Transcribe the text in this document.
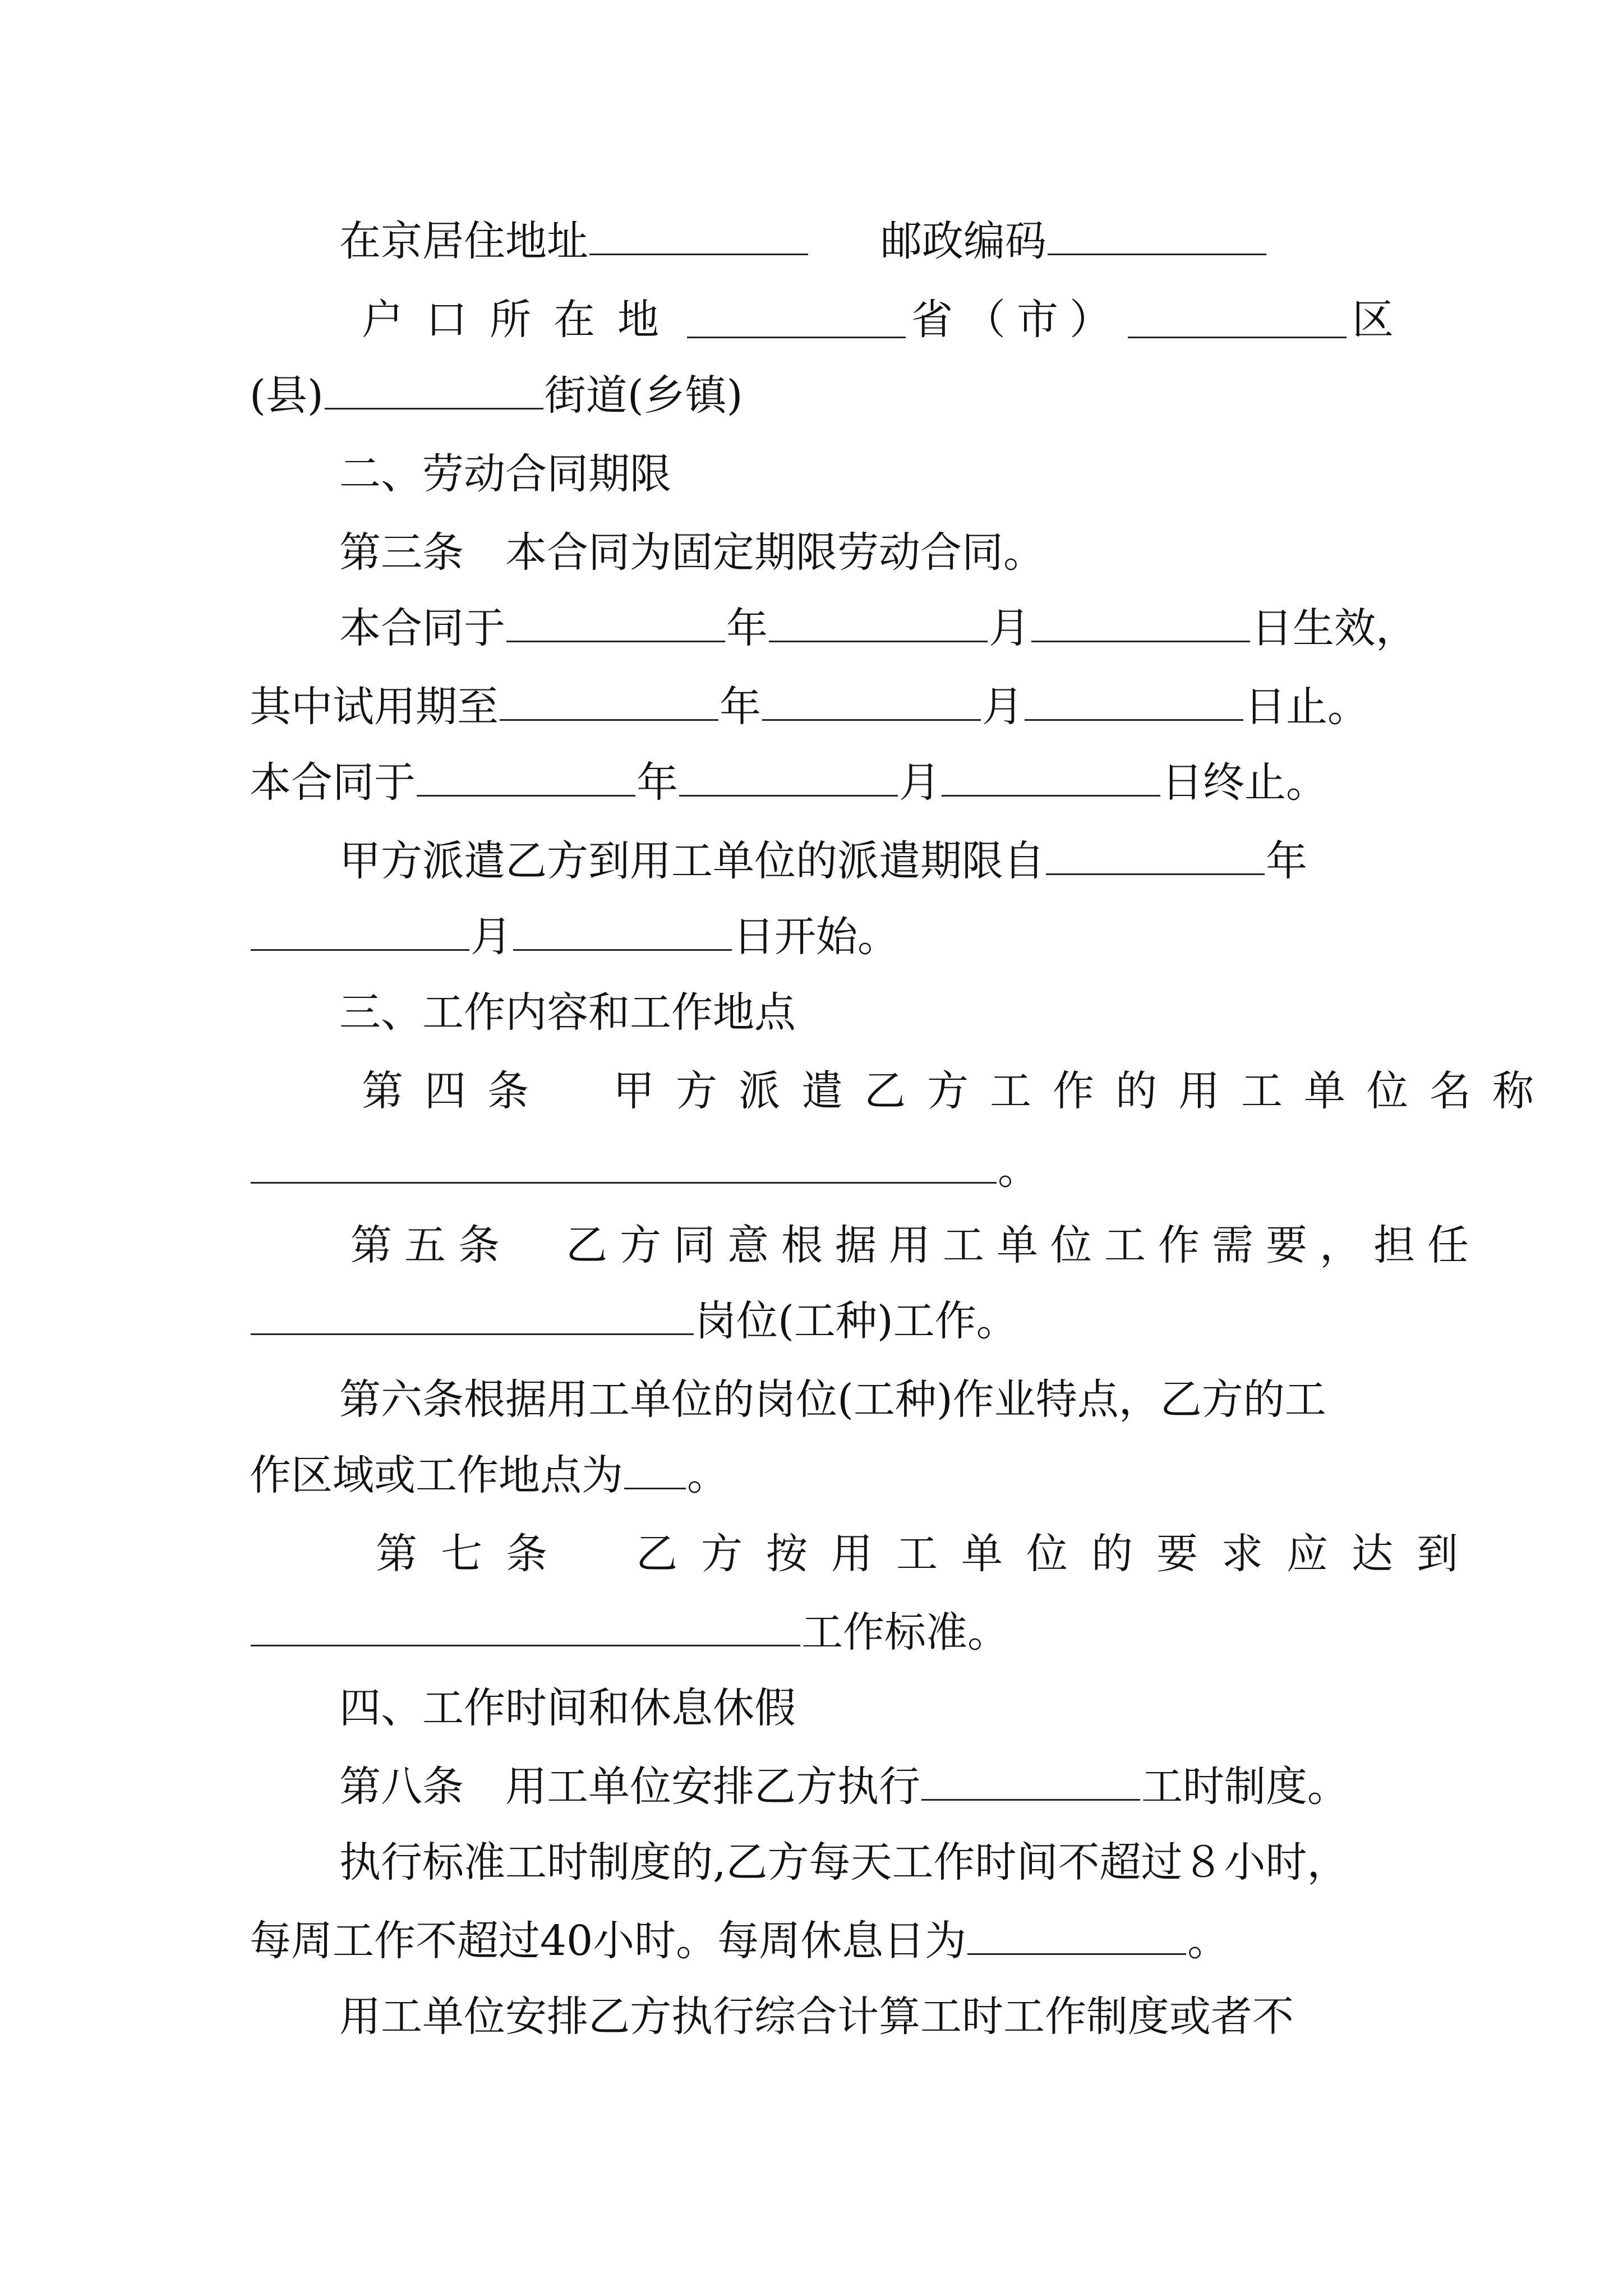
在京居住地址	邮政编码
户口所在地	省（市）	区
(县)	街道(乡镇)
二、劳动合同期限
第三条　本合同为固定期限劳动合同。
本合同于	年	月	日生效，
其中试用期至	年	月	日止。
本合同于	年	月	日终止。
甲方派遣乙方到用工单位的派遣期限自	年
月	日开始。
三、工作内容和工作地点
第四条　甲方派遣乙方工作的用工单位名称
。
第五条　乙方同意根据用工单位工作需要，担任
岗位(工种)工作。
第六条根据用工单位的岗位(工种)作业特点，乙方的工
作区域或工作地点为 。
第七条　乙方按用工单位的要求应达到
工作标准。
四、工作时间和休息休假
第八条　用工单位安排乙方执行	工时制度。
执行标准工时制度的,乙方每天工作时间不超过８小时，
每周工作不超过40小时。每周休息日为	。
用工单位安排乙方执行综合计算工时工作制度或者不
